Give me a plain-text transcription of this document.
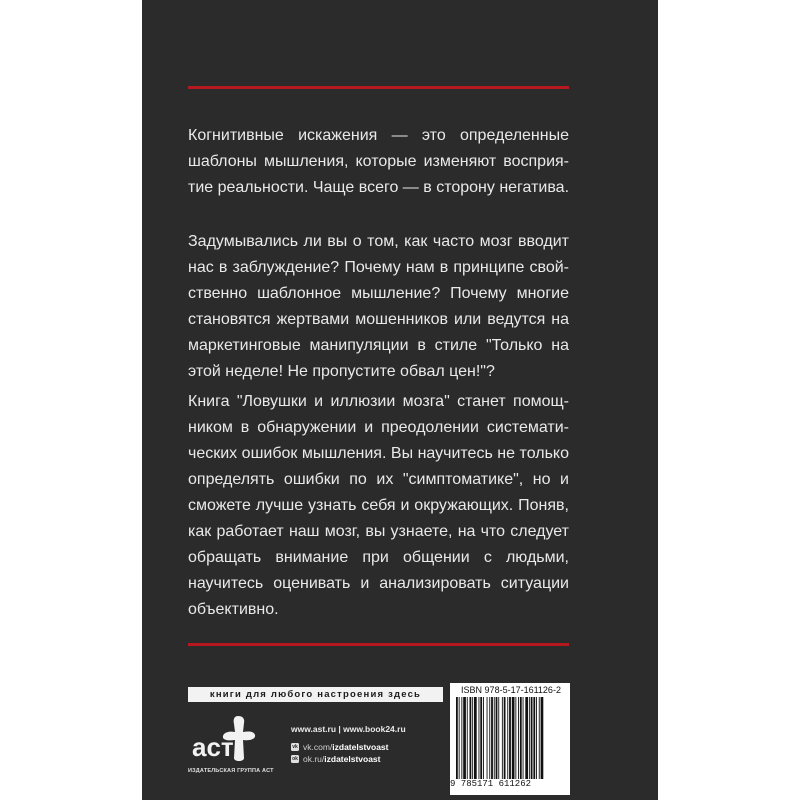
Когнитивные искажения — это определенные
шаблоны мышления, которые изменяют восприя-
тие реальности. Чаще всего — в сторону негатива.

Задумывались ли вы о том, как часто мозг вводит
нас в заблуждение? Почему нам в принципе свой-
ственно шаблонное мышление? Почему многие
становятся жертвами мошенников или ведутся на
маркетинговые манипуляции в стиле "Только на
этой неделе! Не пропустите обвал цен!"?

Книга "Ловушки и иллюзии мозга" станет помощ-
ником в обнаружении и преодолении системати-
ческих ошибок мышления. Вы научитесь не только
определять ошибки по их "симптоматике", но и
сможете лучше узнать себя и окружающих. Поняв,
как работает наш мозг, вы узнаете, на что следует
обращать внимание при общении с людьми,
научитесь оценивать и анализировать ситуации
объективно.

книги для любого настроения здесь
аст
ИЗДАТЕЛЬСКАЯ ГРУППА АСТ
www.ast.ru | www.book24.ru
vk vk.com/izdatelstvoast
ok ok.ru/izdatelstvoast
ISBN 978-5-17-161126-2
9 785171 611262
